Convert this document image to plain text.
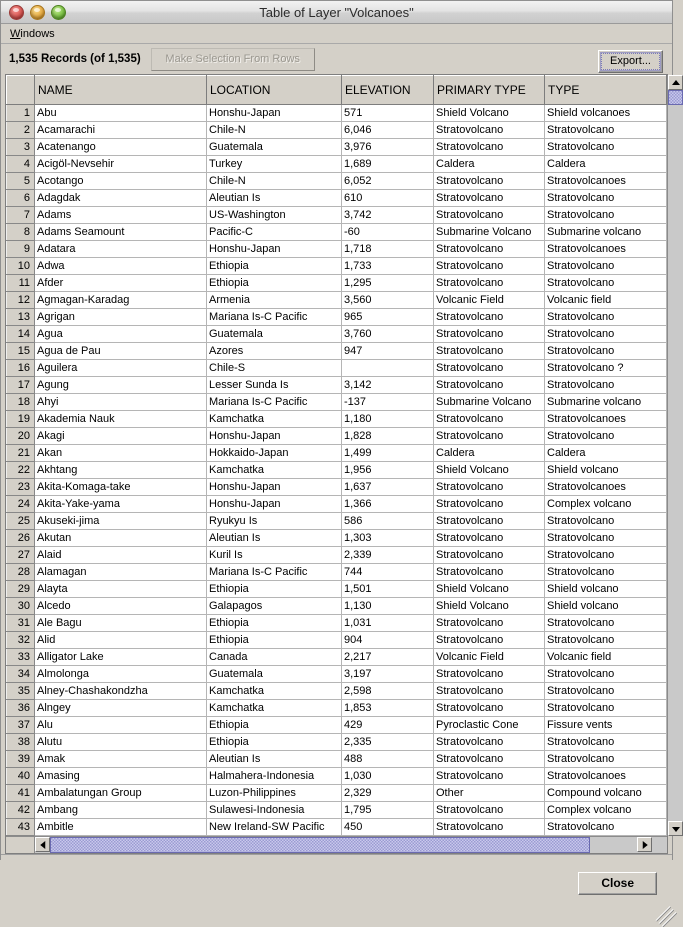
Table of Layer "Volcanoes"
Windows
1,535 Records (of 1,535)	Make Selection From Rows	Export...
	NAME	LOCATION	ELEVATION	PRIMARY TYPE	TYPE
1	Abu	Honshu-Japan	571	Shield Volcano	Shield volcanoes
2	Acamarachi	Chile-N	6,046	Stratovolcano	Stratovolcano
3	Acatenango	Guatemala	3,976	Stratovolcano	Stratovolcano
4	Acigöl-Nevsehir	Turkey	1,689	Caldera	Caldera
5	Acotango	Chile-N	6,052	Stratovolcano	Stratovolcanoes
6	Adagdak	Aleutian Is	610	Stratovolcano	Stratovolcano
7	Adams	US-Washington	3,742	Stratovolcano	Stratovolcano
8	Adams Seamount	Pacific-C	-60	Submarine Volcano	Submarine volcano
9	Adatara	Honshu-Japan	1,718	Stratovolcano	Stratovolcanoes
10	Adwa	Ethiopia	1,733	Stratovolcano	Stratovolcano
11	Afder	Ethiopia	1,295	Stratovolcano	Stratovolcano
12	Agmagan-Karadag	Armenia	3,560	Volcanic Field	Volcanic field
13	Agrigan	Mariana Is-C Pacific	965	Stratovolcano	Stratovolcano
14	Agua	Guatemala	3,760	Stratovolcano	Stratovolcano
15	Agua de Pau	Azores	947	Stratovolcano	Stratovolcano
16	Aguilera	Chile-S		Stratovolcano	Stratovolcano ?
17	Agung	Lesser Sunda Is	3,142	Stratovolcano	Stratovolcano
18	Ahyi	Mariana Is-C Pacific	-137	Submarine Volcano	Submarine volcano
19	Akademia Nauk	Kamchatka	1,180	Stratovolcano	Stratovolcanoes
20	Akagi	Honshu-Japan	1,828	Stratovolcano	Stratovolcano
21	Akan	Hokkaido-Japan	1,499	Caldera	Caldera
22	Akhtang	Kamchatka	1,956	Shield Volcano	Shield volcano
23	Akita-Komaga-take	Honshu-Japan	1,637	Stratovolcano	Stratovolcanoes
24	Akita-Yake-yama	Honshu-Japan	1,366	Stratovolcano	Complex volcano
25	Akuseki-jima	Ryukyu Is	586	Stratovolcano	Stratovolcano
26	Akutan	Aleutian Is	1,303	Stratovolcano	Stratovolcano
27	Alaid	Kuril Is	2,339	Stratovolcano	Stratovolcano
28	Alamagan	Mariana Is-C Pacific	744	Stratovolcano	Stratovolcano
29	Alayta	Ethiopia	1,501	Shield Volcano	Shield volcano
30	Alcedo	Galapagos	1,130	Shield Volcano	Shield volcano
31	Ale Bagu	Ethiopia	1,031	Stratovolcano	Stratovolcano
32	Alid	Ethiopia	904	Stratovolcano	Stratovolcano
33	Alligator Lake	Canada	2,217	Volcanic Field	Volcanic field
34	Almolonga	Guatemala	3,197	Stratovolcano	Stratovolcano
35	Alney-Chashakondzha	Kamchatka	2,598	Stratovolcano	Stratovolcano
36	Alngey	Kamchatka	1,853	Stratovolcano	Stratovolcano
37	Alu	Ethiopia	429	Pyroclastic Cone	Fissure vents
38	Alutu	Ethiopia	2,335	Stratovolcano	Stratovolcano
39	Amak	Aleutian Is	488	Stratovolcano	Stratovolcano
40	Amasing	Halmahera-Indonesia	1,030	Stratovolcano	Stratovolcanoes
41	Ambalatungan Group	Luzon-Philippines	2,329	Other	Compound volcano
42	Ambang	Sulawesi-Indonesia	1,795	Stratovolcano	Complex volcano
43	Ambitle	New Ireland-SW Pacific	450	Stratovolcano	Stratovolcano
Close
